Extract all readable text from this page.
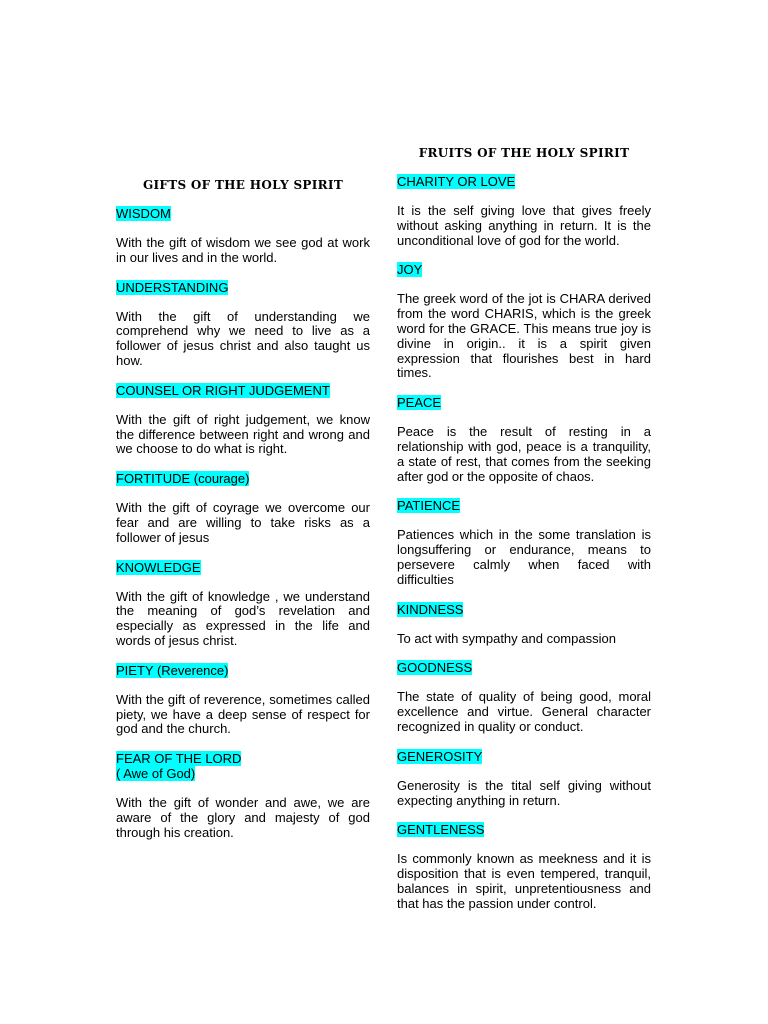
GIFTS OF THE HOLY SPIRIT
WISDOM
With the gift of wisdom we see god at work in our lives and in the world.
UNDERSTANDING
With the gift of understanding we comprehend why we need to live as a follower of jesus christ and also taught us how.
COUNSEL OR RIGHT JUDGEMENT
With the gift of right judgement, we know the difference between right and wrong and we choose to do what is right.
FORTITUDE (courage)
With the gift of coyrage we overcome our fear and are willing to take risks as a follower of jesus
KNOWLEDGE
With the gift of knowledge , we understand the meaning of god’s revelation and especially as expressed in the life and words of jesus christ.
PIETY (Reverence)
With the gift of reverence, sometimes called piety, we have a deep sense of respect for god and the church.
FEAR OF THE LORD
( Awe of God)
With the gift of wonder and awe, we are aware of the glory and majesty of god through his creation.
FRUITS OF THE HOLY SPIRIT
CHARITY OR LOVE
It is the self giving love that gives freely without asking anything in return. It is the unconditional love of god for the world.
JOY
The greek word of the jot is CHARA derived from the word CHARIS, which is the greek word for the GRACE. This means true joy is divine in origin.. it is a spirit given expression that flourishes best in hard times.
PEACE
Peace is the result of resting in a relationship with god, peace is a tranquility, a state of rest, that comes from the seeking after god or the opposite of chaos.
PATIENCE
Patiences which in the some translation is longsuffering or endurance, means to persevere calmly when faced with difficulties
KINDNESS
To act with sympathy and compassion
GOODNESS
The state of quality of being good, moral excellence and virtue. General character recognized in quality or conduct.
GENEROSITY
Generosity is the tital self giving without expecting anything in return.
GENTLENESS
Is commonly known as meekness and it is disposition that is even tempered, tranquil, balances in spirit, unpretentiousness and that has the passion under control.
